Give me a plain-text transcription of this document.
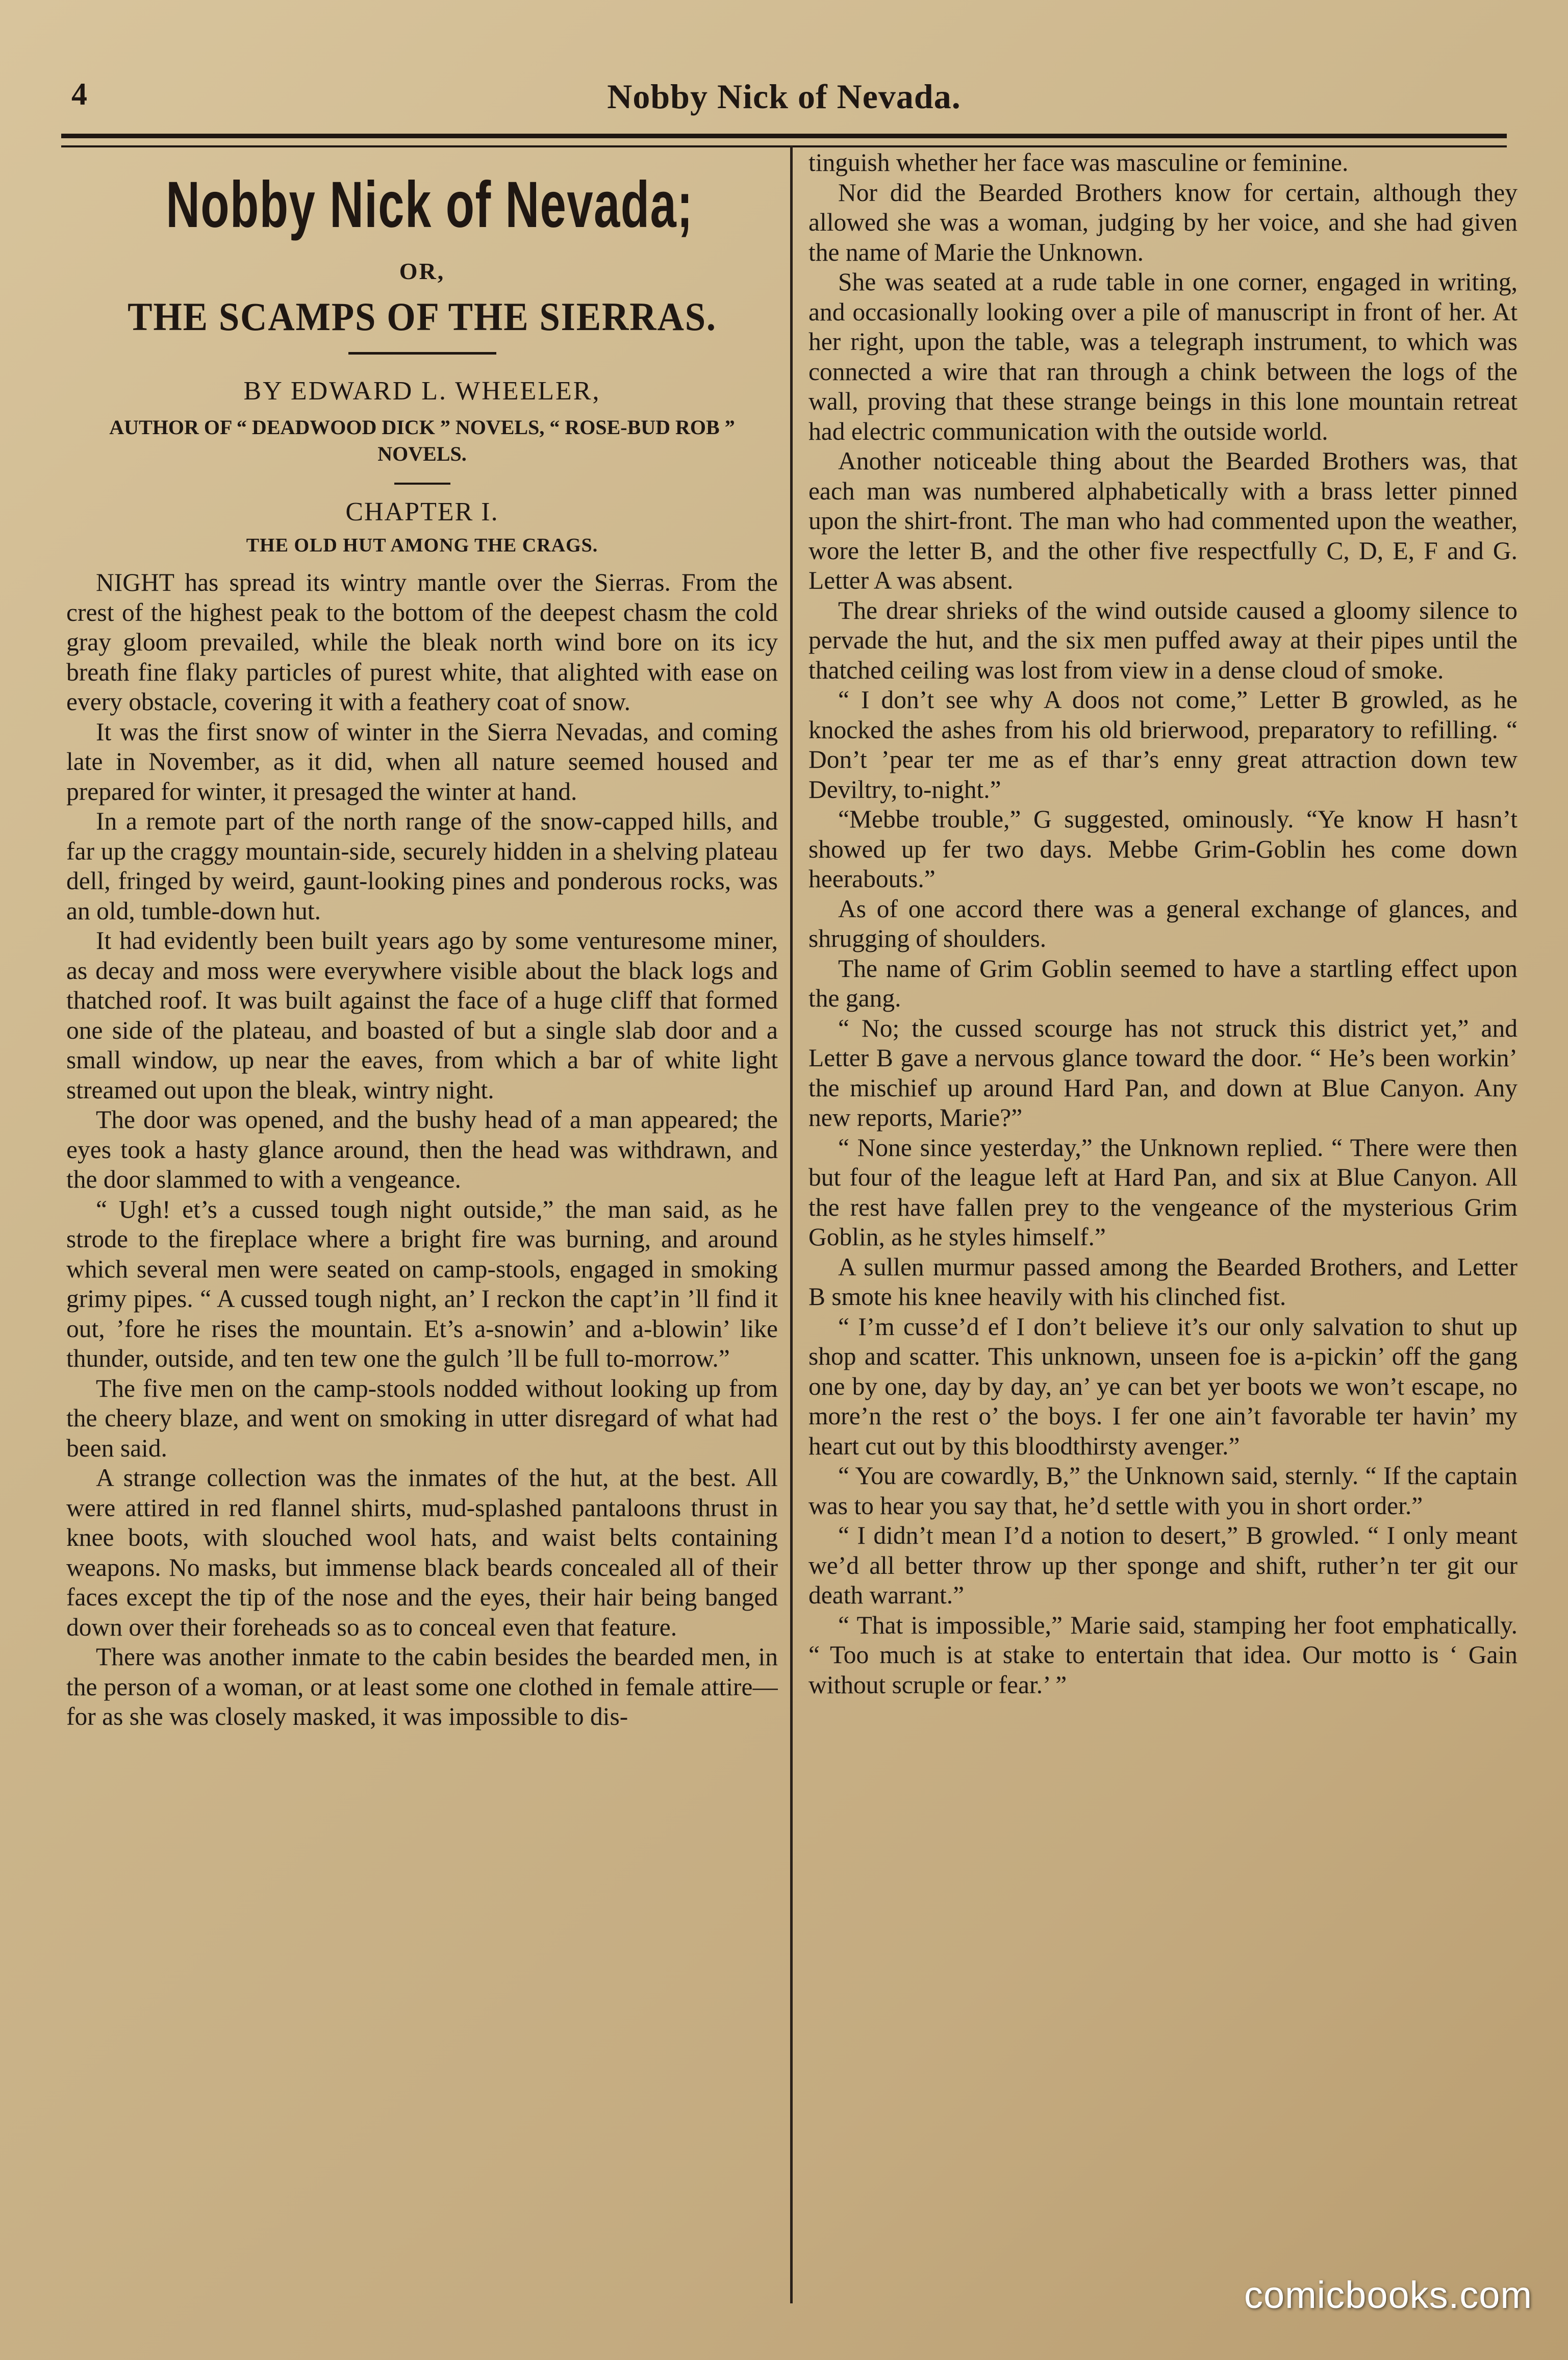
4	Nobby Nick of Nevada.
Nobby Nick of Nevada;
OR,
THE SCAMPS OF THE SIERRAS.
BY EDWARD L. WHEELER,
AUTHOR OF “ DEADWOOD DICK ” NOVELS, “ ROSE-BUD ROB ” NOVELS.
CHAPTER I.
THE OLD HUT AMONG THE CRAGS.

NIGHT has spread its wintry mantle over the Sierras. From the crest of the highest peak to the bottom of the deepest chasm the cold gray gloom prevailed, while the bleak north wind bore on its icy breath fine flaky particles of purest white, that alighted with ease on every obstacle, covering it with a feathery coat of snow.

It was the first snow of winter in the Sierra Nevadas, and coming late in November, as it did, when all nature seemed housed and prepared for winter, it presaged the winter at hand.

In a remote part of the north range of the snow-capped hills, and far up the craggy mountain-side, securely hidden in a shelving plateau dell, fringed by weird, gaunt-looking pines and ponderous rocks, was an old, tumble-down hut.

It had evidently been built years ago by some venturesome miner, as decay and moss were everywhere visible about the black logs and thatched roof. It was built against the face of a huge cliff that formed one side of the plateau, and boasted of but a single slab door and a small window, up near the eaves, from which a bar of white light streamed out upon the bleak, wintry night.

The door was opened, and the bushy head of a man appeared; the eyes took a hasty glance around, then the head was withdrawn, and the door slammed to with a vengeance.

“ Ugh! et’s a cussed tough night outside,” the man said, as he strode to the fireplace where a bright fire was burning, and around which several men were seated on camp-stools, engaged in smoking grimy pipes. “ A cussed tough night, an’ I reckon the capt’in ’ll find it out, ’fore he rises the mountain. Et’s a-snowin’ and a-blowin’ like thunder, outside, and ten tew one the gulch ’ll be full to-morrow.”

The five men on the camp-stools nodded without looking up from the cheery blaze, and went on smoking in utter disregard of what had been said.

A strange collection was the inmates of the hut, at the best. All were attired in red flannel shirts, mud-splashed pantaloons thrust in knee boots, with slouched wool hats, and waist belts containing weapons. No masks, but immense black beards concealed all of their faces except the tip of the nose and the eyes, their hair being banged down over their foreheads so as to conceal even that feature.

There was another inmate to the cabin besides the bearded men, in the person of a woman, or at least some one clothed in female attire—for as she was closely masked, it was impossible to dis-

tinguish whether her face was masculine or feminine.

Nor did the Bearded Brothers know for certain, although they allowed she was a woman, judging by her voice, and she had given the name of Marie the Unknown.

She was seated at a rude table in one corner, engaged in writing, and occasionally looking over a pile of manuscript in front of her. At her right, upon the table, was a telegraph instrument, to which was connected a wire that ran through a chink between the logs of the wall, proving that these strange beings in this lone mountain retreat had electric communication with the outside world.

Another noticeable thing about the Bearded Brothers was, that each man was numbered alphabetically with a brass letter pinned upon the shirt-front. The man who had commented upon the weather, wore the letter B, and the other five respectfully C, D, E, F and G. Letter A was absent.

The drear shrieks of the wind outside caused a gloomy silence to pervade the hut, and the six men puffed away at their pipes until the thatched ceiling was lost from view in a dense cloud of smoke.

“ I don’t see why A doos not come,” Letter B growled, as he knocked the ashes from his old brierwood, preparatory to refilling. “ Don’t ’pear ter me as ef thar’s enny great attraction down tew Deviltry, to-night.”

“Mebbe trouble,” G suggested, ominously. “Ye know H hasn’t showed up fer two days. Mebbe Grim-Goblin hes come down heerabouts.”

As of one accord there was a general exchange of glances, and shrugging of shoulders.

The name of Grim Goblin seemed to have a startling effect upon the gang.

“ No; the cussed scourge has not struck this district yet,” and Letter B gave a nervous glance toward the door. “ He’s been workin’ the mischief up around Hard Pan, and down at Blue Canyon. Any new reports, Marie?”

“ None since yesterday,” the Unknown replied. “ There were then but four of the league left at Hard Pan, and six at Blue Canyon. All the rest have fallen prey to the vengeance of the mysterious Grim Goblin, as he styles himself.”

A sullen murmur passed among the Bearded Brothers, and Letter B smote his knee heavily with his clinched fist.

“ I’m cusse’d ef I don’t believe it’s our only salvation to shut up shop and scatter. This unknown, unseen foe is a-pickin’ off the gang one by one, day by day, an’ ye can bet yer boots we won’t escape, no more’n the rest o’ the boys. I fer one ain’t favorable ter havin’ my heart cut out by this bloodthirsty avenger.”

“ You are cowardly, B,” the Unknown said, sternly. “ If the captain was to hear you say that, he’d settle with you in short order.”

“ I didn’t mean I’d a notion to desert,” B growled. “ I only meant we’d all better throw up ther sponge and shift, ruther’n ter git our death warrant.”

“ That is impossible,” Marie said, stamping her foot emphatically. “ Too much is at stake to entertain that idea. Our motto is ‘ Gain without scruple or fear.’ ”

comicbooks.com
